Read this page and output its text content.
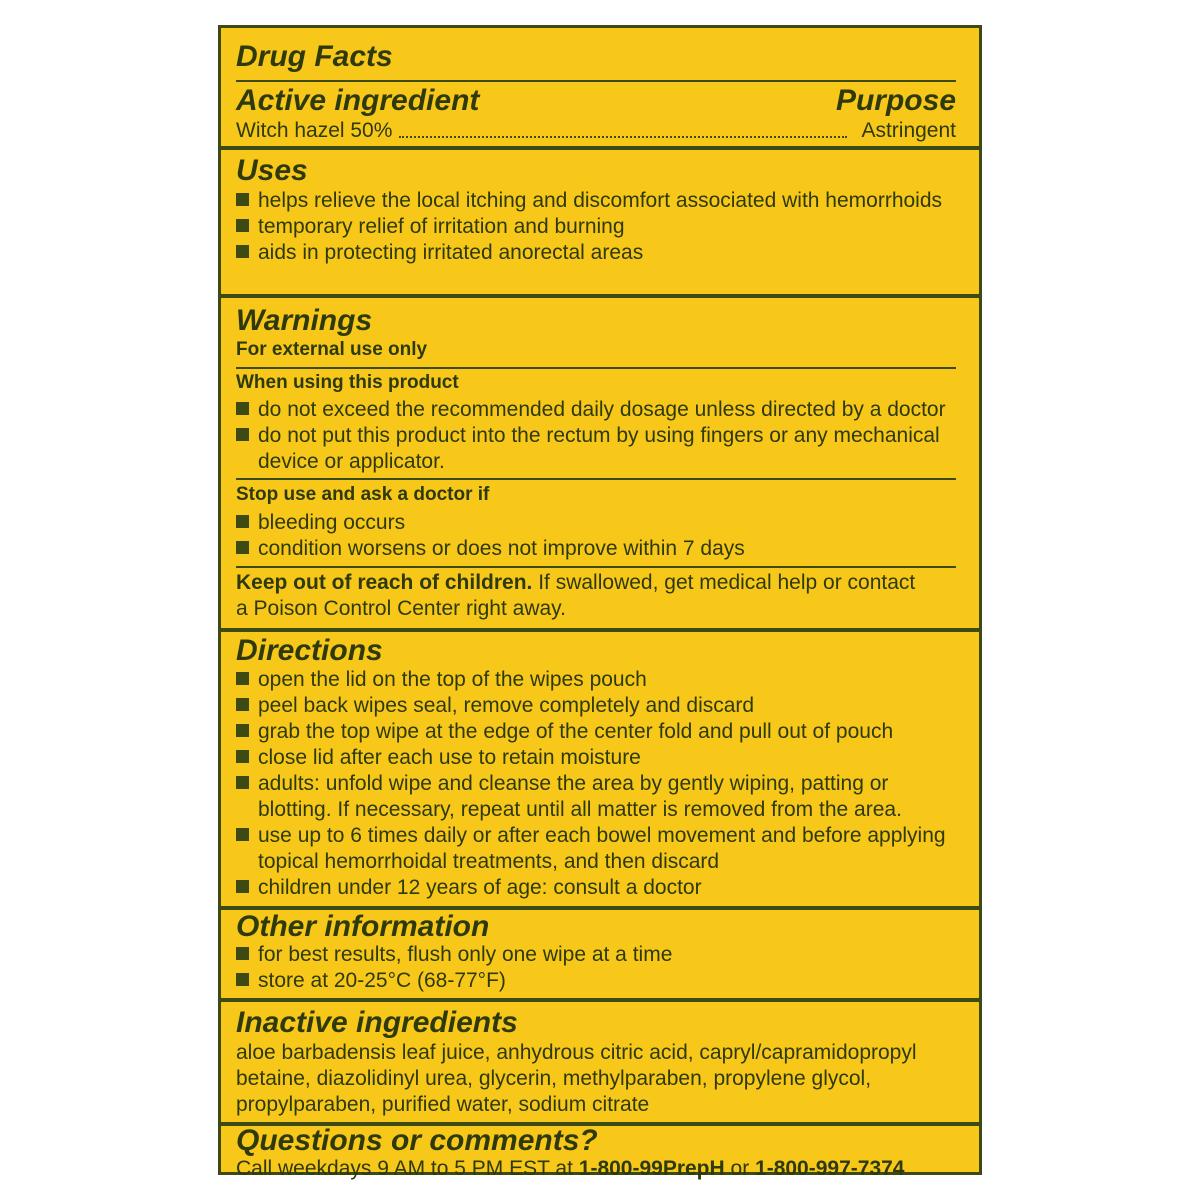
Drug Facts
Active ingredient	Purpose
Witch hazel 50%	Astringent
Uses
helps relieve the local itching and discomfort associated with hemorrhoids
temporary relief of irritation and burning
aids in protecting irritated anorectal areas
Warnings
For external use only
When using this product
do not exceed the recommended daily dosage unless directed by a doctor
do not put this product into the rectum by using fingers or any mechanical
device or applicator.
Stop use and ask a doctor if
bleeding occurs
condition worsens or does not improve within 7 days
Keep out of reach of children. If swallowed, get medical help or contact
a Poison Control Center right away.
Directions
open the lid on the top of the wipes pouch
peel back wipes seal, remove completely and discard
grab the top wipe at the edge of the center fold and pull out of pouch
close lid after each use to retain moisture
adults: unfold wipe and cleanse the area by gently wiping, patting or
blotting. If necessary, repeat until all matter is removed from the area.
use up to 6 times daily or after each bowel movement and before applying
topical hemorrhoidal treatments, and then discard
children under 12 years of age: consult a doctor
Other information
for best results, flush only one wipe at a time
store at 20-25°C (68-77°F)
Inactive ingredients
aloe barbadensis leaf juice, anhydrous citric acid, capryl/capramidopropyl
betaine, diazolidinyl urea, glycerin, methylparaben, propylene glycol,
propylparaben, purified water, sodium citrate
Questions or comments?
Call weekdays 9 AM to 5 PM EST at 1-800-99PrepH or 1-800-997-7374
